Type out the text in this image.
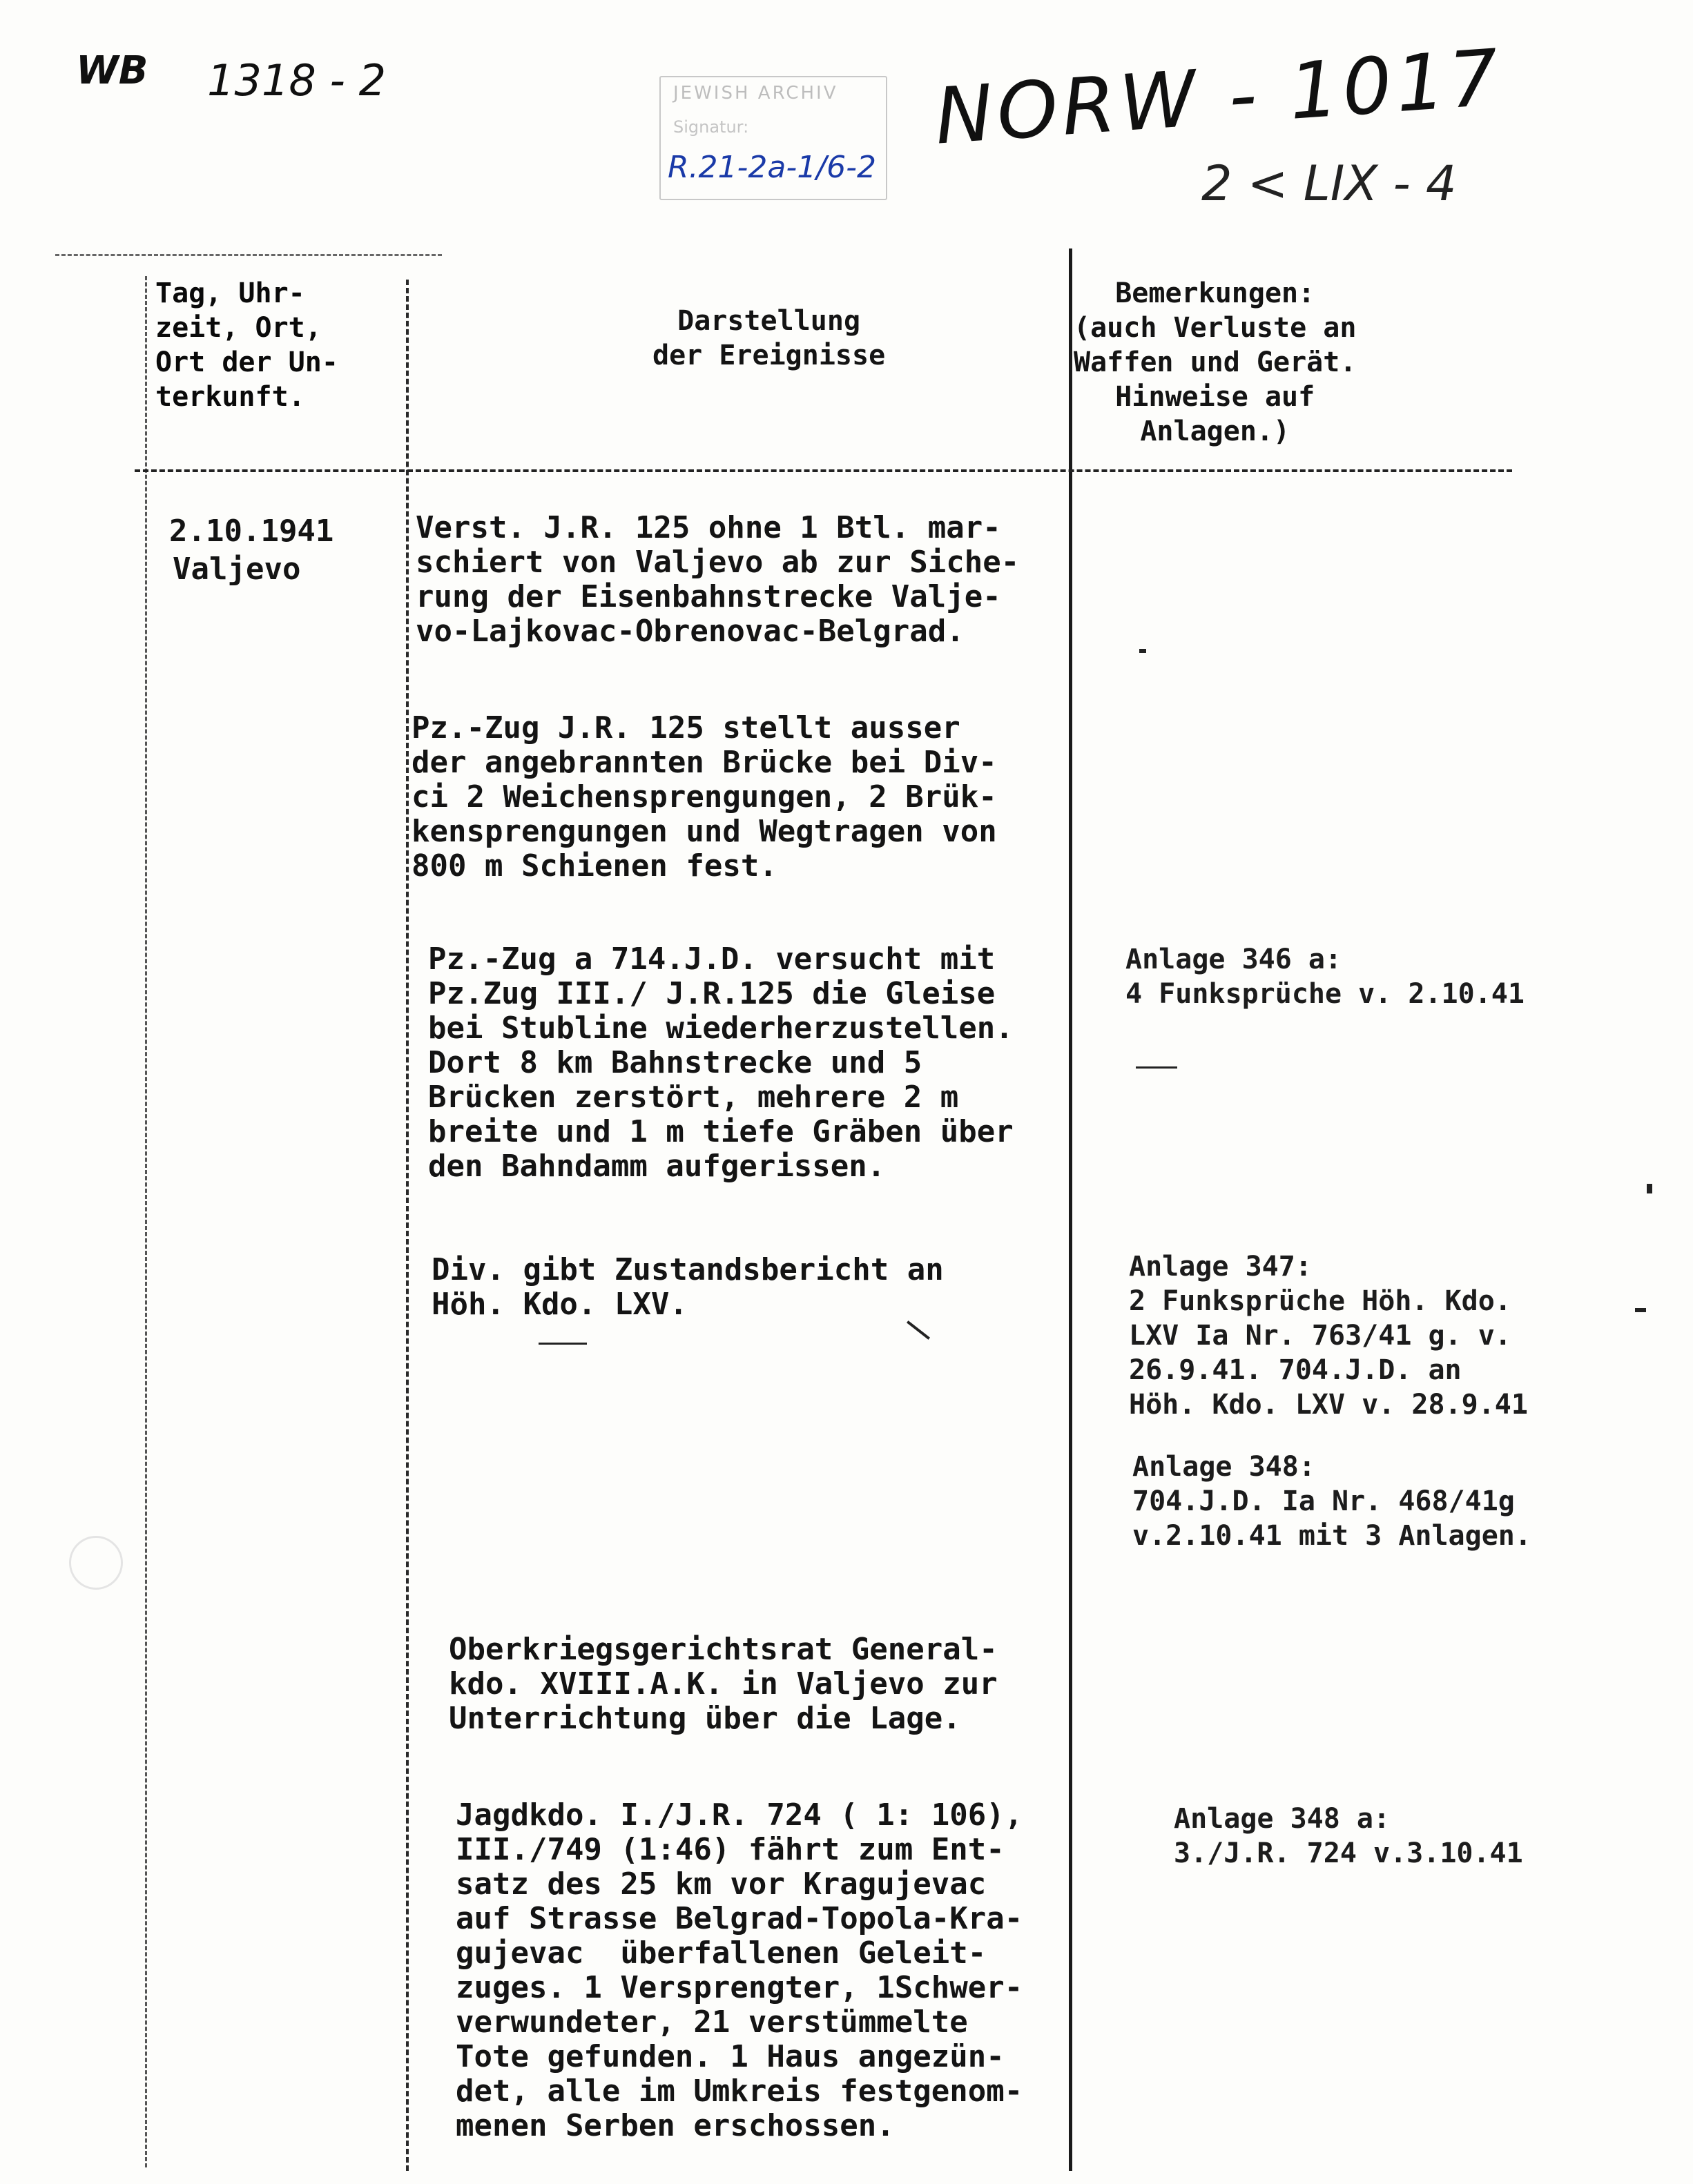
WB 1318 - 2	NORW - 1017
2 < LIX - 4
JEWISH ARCHIV
Signatur:
R.21-2a-1/6-2
Tag, Uhr-
zeit, Ort,
Ort der Un-
terkunft.
Darstellung
der Ereignisse
Bemerkungen:
(auch Verluste an
Waffen und Gerät.
Hinweise auf
Anlagen.)
2.10.1941
Valjevo
Verst. J.R. 125 ohne 1 Btl. mar-
schiert von Valjevo ab zur Siche-
rung der Eisenbahnstrecke Valje-
vo-Lajkovac-Obrenovac-Belgrad.
Pz.-Zug J.R. 125 stellt ausser
der angebrannten Brücke bei Div-
ci 2 Weichensprengungen, 2 Brük-
kensprengungen und Wegtragen von
800 m Schienen fest.
Pz.-Zug a 714.J.D. versucht mit
Pz.Zug III./ J.R.125 die Gleise
bei Stubline wiederherzustellen.
Dort 8 km Bahnstrecke und 5
Brücken zerstört, mehrere 2 m
breite und 1 m tiefe Gräben über
den Bahndamm aufgerissen.
Div. gibt Zustandsbericht an
Höh. Kdo. LXV.
Oberkriegsgerichtsrat General-
kdo. XVIII.A.K. in Valjevo zur
Unterrichtung über die Lage.
Jagdkdo. I./J.R. 724 ( 1: 106),
III./749 (1:46) fährt zum Ent-
satz des 25 km vor Kragujevac
auf Strasse Belgrad-Topola-Kra-
gujevac  überfallenen Geleit-
zuges. 1 Versprengter, 1Schwer-
verwundeter, 21 verstümmelte
Tote gefunden. 1 Haus angezün-
det, alle im Umkreis festgenom-
menen Serben erschossen.
Anlage 346 a:
4 Funksprüche v. 2.10.41
Anlage 347:
2 Funksprüche Höh. Kdo.
LXV Ia Nr. 763/41 g. v.
26.9.41. 704.J.D. an
Höh. Kdo. LXV v. 28.9.41
Anlage 348:
704.J.D. Ia Nr. 468/41g
v.2.10.41 mit 3 Anlagen.
Anlage 348 a:
3./J.R. 724 v.3.10.41
